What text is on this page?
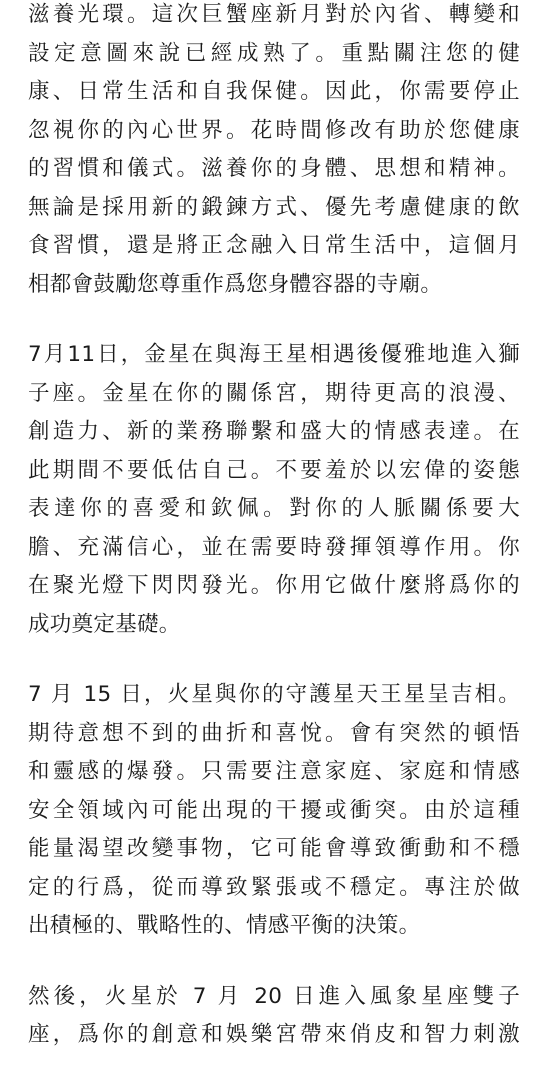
滋養光環。這次巨蟹座新月對於內省、轉變和
設定意圖來說已經成熟了。重點關注您的健
康、日常生活和自我保健。因此，你需要停止
忽視你的內心世界。花時間修改有助於您健康
的習慣和儀式。滋養你的身體、思想和精神。
無論是採用新的鍛鍊方式、優先考慮健康的飲
食習慣，還是將正念融入日常生活中，這個月
相都會鼓勵您尊重作爲您身體容器的寺廟。

7月11日，金星在與海王星相遇後優雅地進入獅
子座。金星在你的關係宮，期待更高的浪漫、
創造力、新的業務聯繫和盛大的情感表達。在
此期間不要低估自己。不要羞於以宏偉的姿態
表達你的喜愛和欽佩。對你的人脈關係要大
膽、充滿信心，並在需要時發揮領導作用。你
在聚光燈下閃閃發光。你用它做什麼將爲你的
成功奠定基礎。

7 月 15 日，火星與你的守護星天王星呈吉相。
期待意想不到的曲折和喜悅。會有突然的頓悟
和靈感的爆發。只需要注意家庭、家庭和情感
安全領域內可能出現的干擾或衝突。由於這種
能量渴望改變事物，它可能會導致衝動和不穩
定的行爲，從而導致緊張或不穩定。專注於做
出積極的、戰略性的、情感平衡的決策。

然後，火星於 7 月 20 日進入風象星座雙子
座，爲你的創意和娛樂宮帶來俏皮和智力刺激
